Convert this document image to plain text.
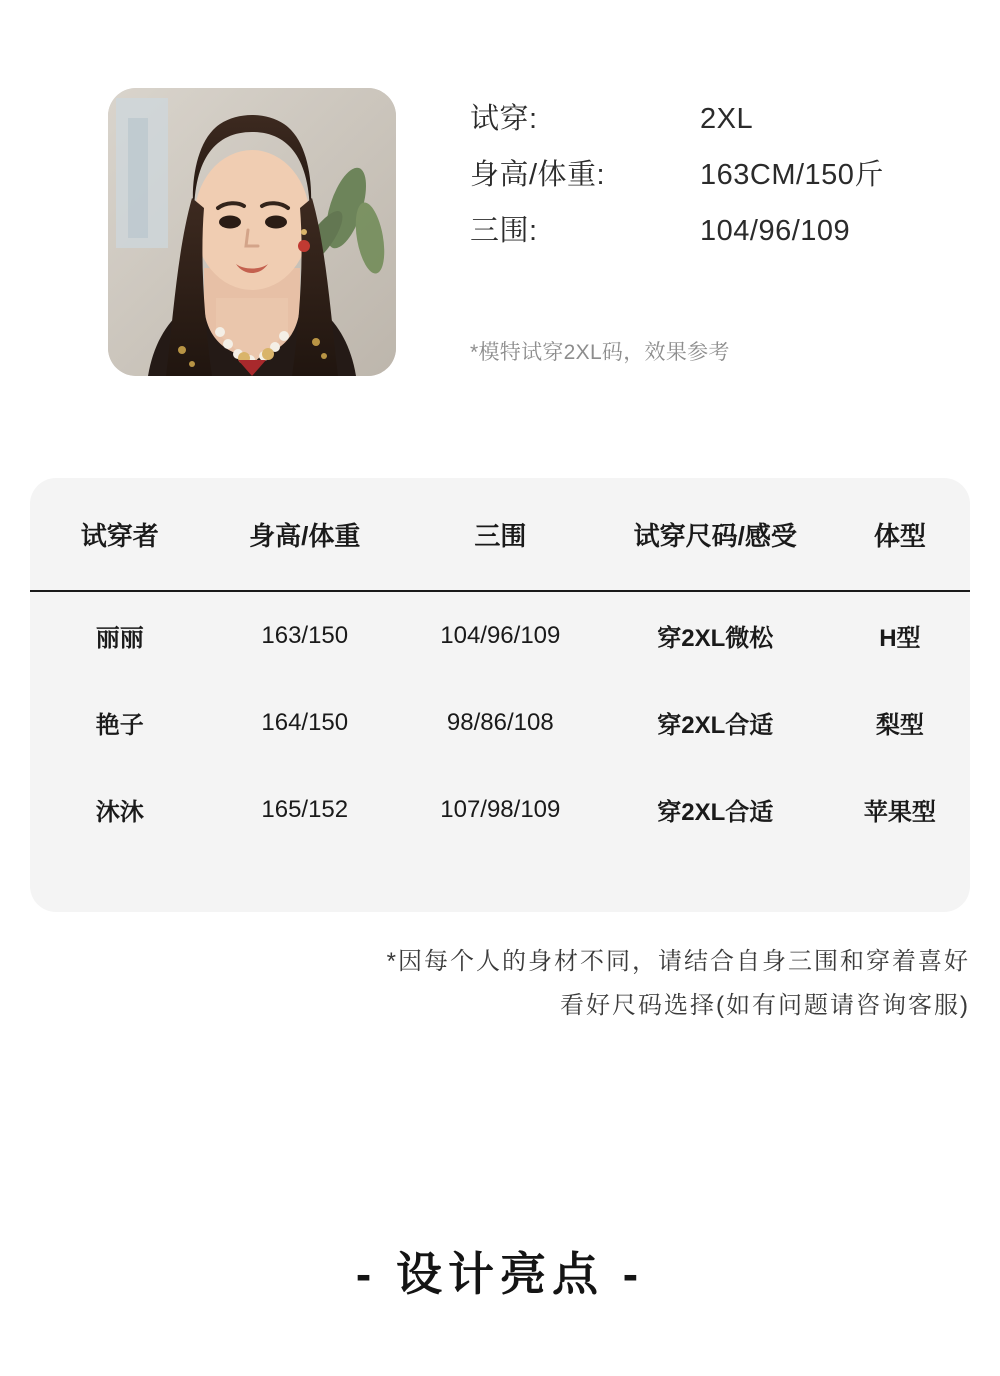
试穿:	2XL
身高/体重:	163CM/150斤
三围:	104/96/109
*模特试穿2XL码，效果参考
试穿者	身高/体重	三围	试穿尺码/感受	体型
丽丽	163/150	104/96/109	穿2XL微松	H型
艳子	164/150	98/86/108	穿2XL合适	梨型
沐沐	165/152	107/98/109	穿2XL合适	苹果型
*因每个人的身材不同，请结合自身三围和穿着喜好
看好尺码选择(如有问题请咨询客服)
- 设计亮点 -
